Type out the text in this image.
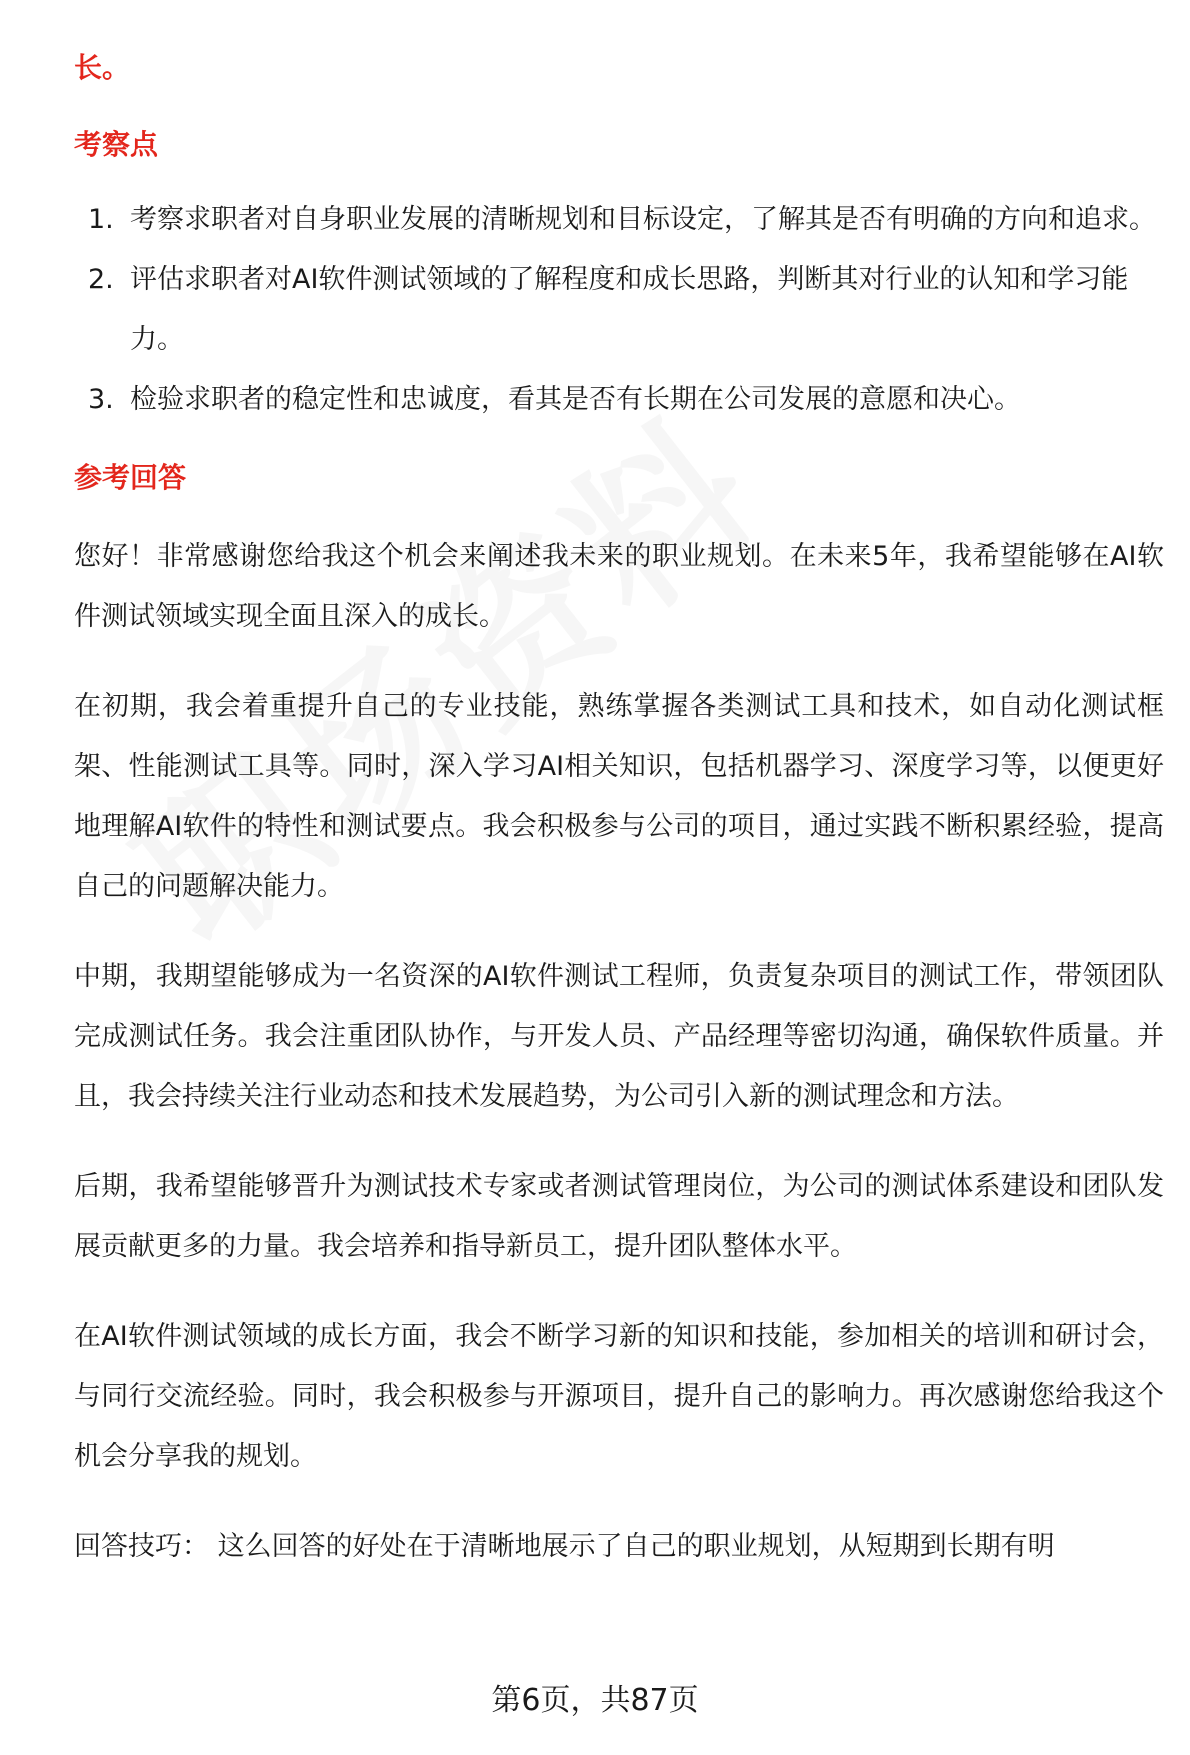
长。

考察点

1. 考察求职者对自身职业发展的清晰规划和目标设定，了解其是否有明确的方向和追求。
2. 评估求职者对AI软件测试领域的了解程度和成长思路，判断其对行业的认知和学习能力。
3. 检验求职者的稳定性和忠诚度，看其是否有长期在公司发展的意愿和决心。

参考回答

您好！非常感谢您给我这个机会来阐述我未来的职业规划。在未来5年，我希望能够在AI软件测试领域实现全面且深入的成长。

在初期，我会着重提升自己的专业技能，熟练掌握各类测试工具和技术，如自动化测试框架、性能测试工具等。同时，深入学习AI相关知识，包括机器学习、深度学习等，以便更好地理解AI软件的特性和测试要点。我会积极参与公司的项目，通过实践不断积累经验，提高自己的问题解决能力。

中期，我期望能够成为一名资深的AI软件测试工程师，负责复杂项目的测试工作，带领团队完成测试任务。我会注重团队协作，与开发人员、产品经理等密切沟通，确保软件质量。并且，我会持续关注行业动态和技术发展趋势，为公司引入新的测试理念和方法。

后期，我希望能够晋升为测试技术专家或者测试管理岗位，为公司的测试体系建设和团队发展贡献更多的力量。我会培养和指导新员工，提升团队整体水平。

在AI软件测试领域的成长方面，我会不断学习新的知识和技能，参加相关的培训和研讨会，与同行交流经验。同时，我会积极参与开源项目，提升自己的影响力。再次感谢您给我这个机会分享我的规划。

回答技巧： 这么回答的好处在于清晰地展示了自己的职业规划，从短期到长期有明

第6页，共87页
